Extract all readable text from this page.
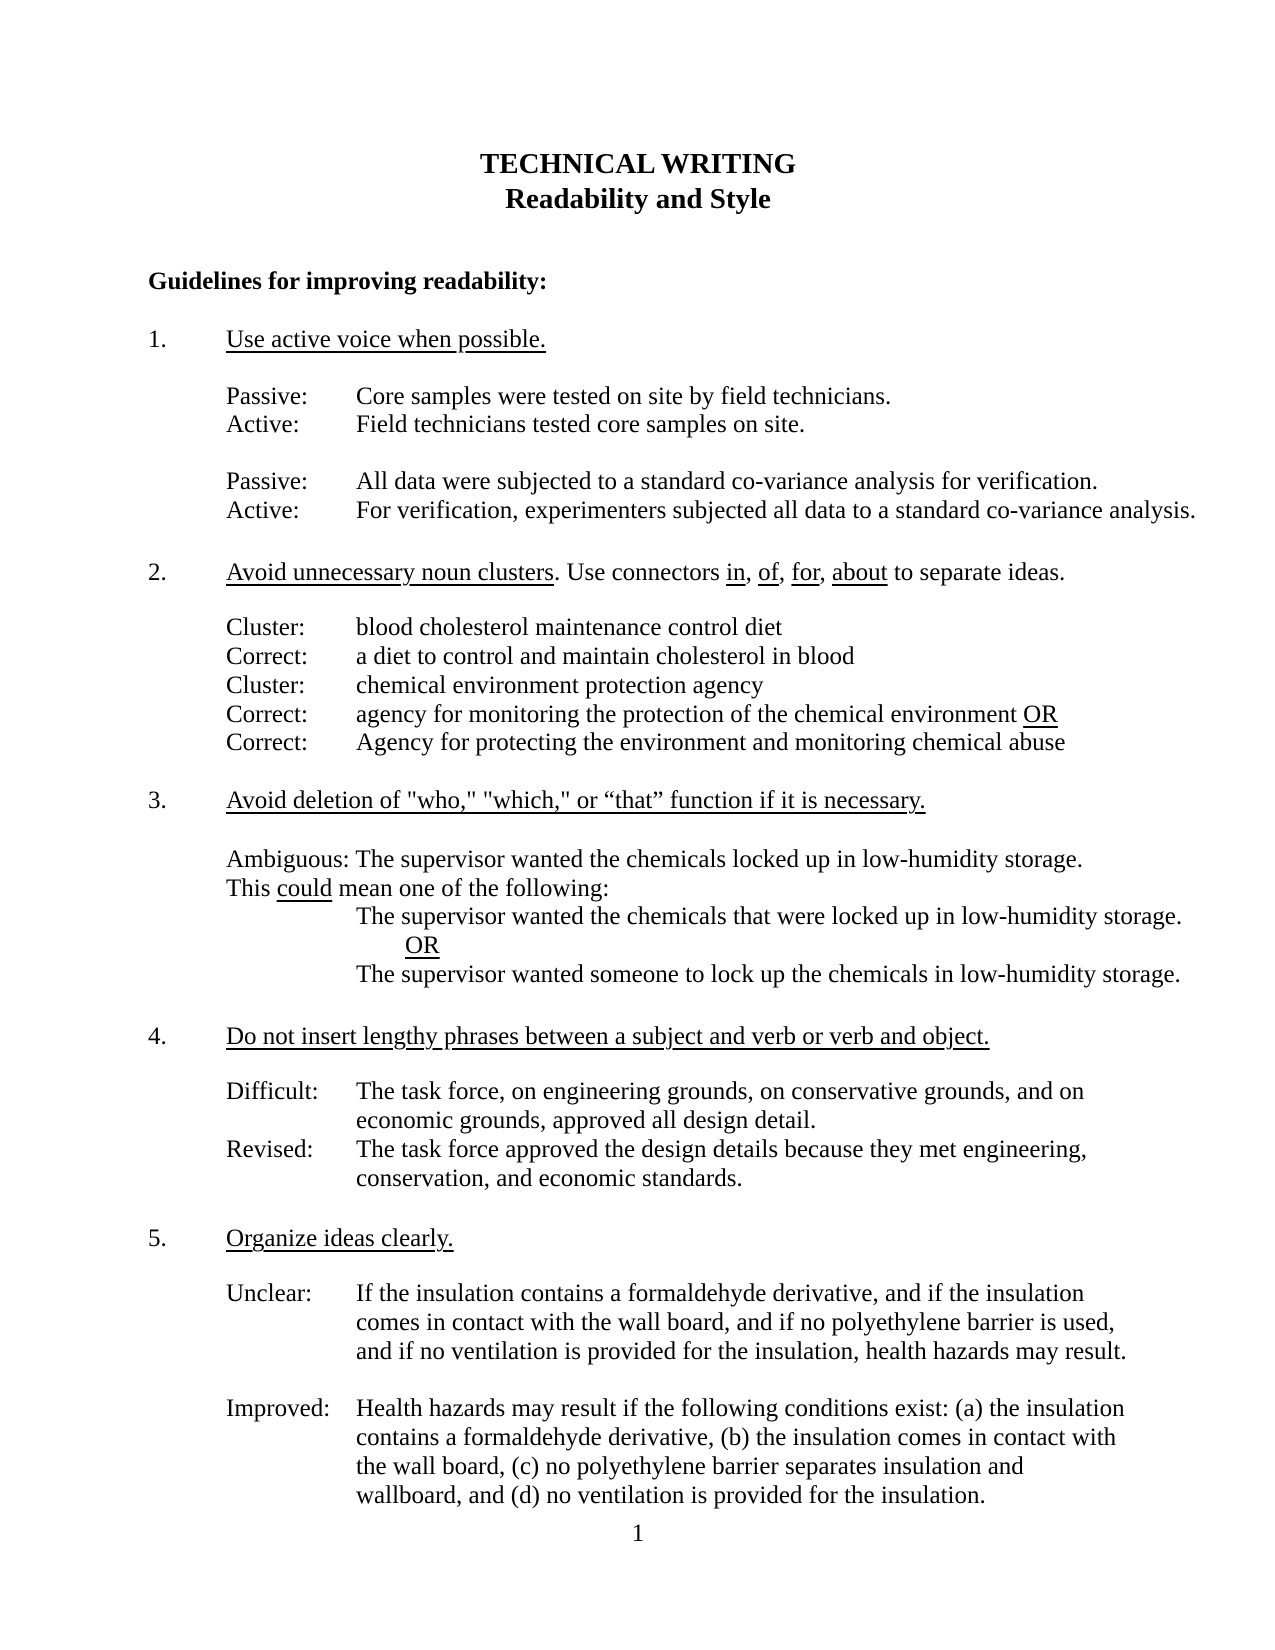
TECHNICAL WRITING
Readability and Style

Guidelines for improving readability:

1.	Use active voice when possible.
Passive:	Core samples were tested on site by field technicians.
Active:	Field technicians tested core samples on site.
Passive:	All data were subjected to a standard co-variance analysis for verification.
Active:	For verification, experimenters subjected all data to a standard co-variance analysis.
2.	Avoid unnecessary noun clusters. Use connectors in, of, for, about to separate ideas.
Cluster:	blood cholesterol maintenance control diet
Correct:	a diet to control and maintain cholesterol in blood
Cluster:	chemical environment protection agency
Correct:	agency for monitoring the protection of the chemical environment OR
Correct:	Agency for protecting the environment and monitoring chemical abuse
3.	Avoid deletion of "who," "which," or “that” function if it is necessary.
Ambiguous: The supervisor wanted the chemicals locked up in low-humidity storage.
This could mean one of the following:
The supervisor wanted the chemicals that were locked up in low-humidity storage.
OR
The supervisor wanted someone to lock up the chemicals in low-humidity storage.
4.	Do not insert lengthy phrases between a subject and verb or verb and object.
Difficult:	The task force, on engineering grounds, on conservative grounds, and on economic grounds, approved all design detail.
Revised:	The task force approved the design details because they met engineering, conservation, and economic standards.
5.	Organize ideas clearly.
Unclear:	If the insulation contains a formaldehyde derivative, and if the insulation comes in contact with the wall board, and if no polyethylene barrier is used, and if no ventilation is provided for the insulation, health hazards may result.
Improved:	Health hazards may result if the following conditions exist: (a) the insulation contains a formaldehyde derivative, (b) the insulation comes in contact with the wall board, (c) no polyethylene barrier separates insulation and wallboard, and (d) no ventilation is provided for the insulation.
1
